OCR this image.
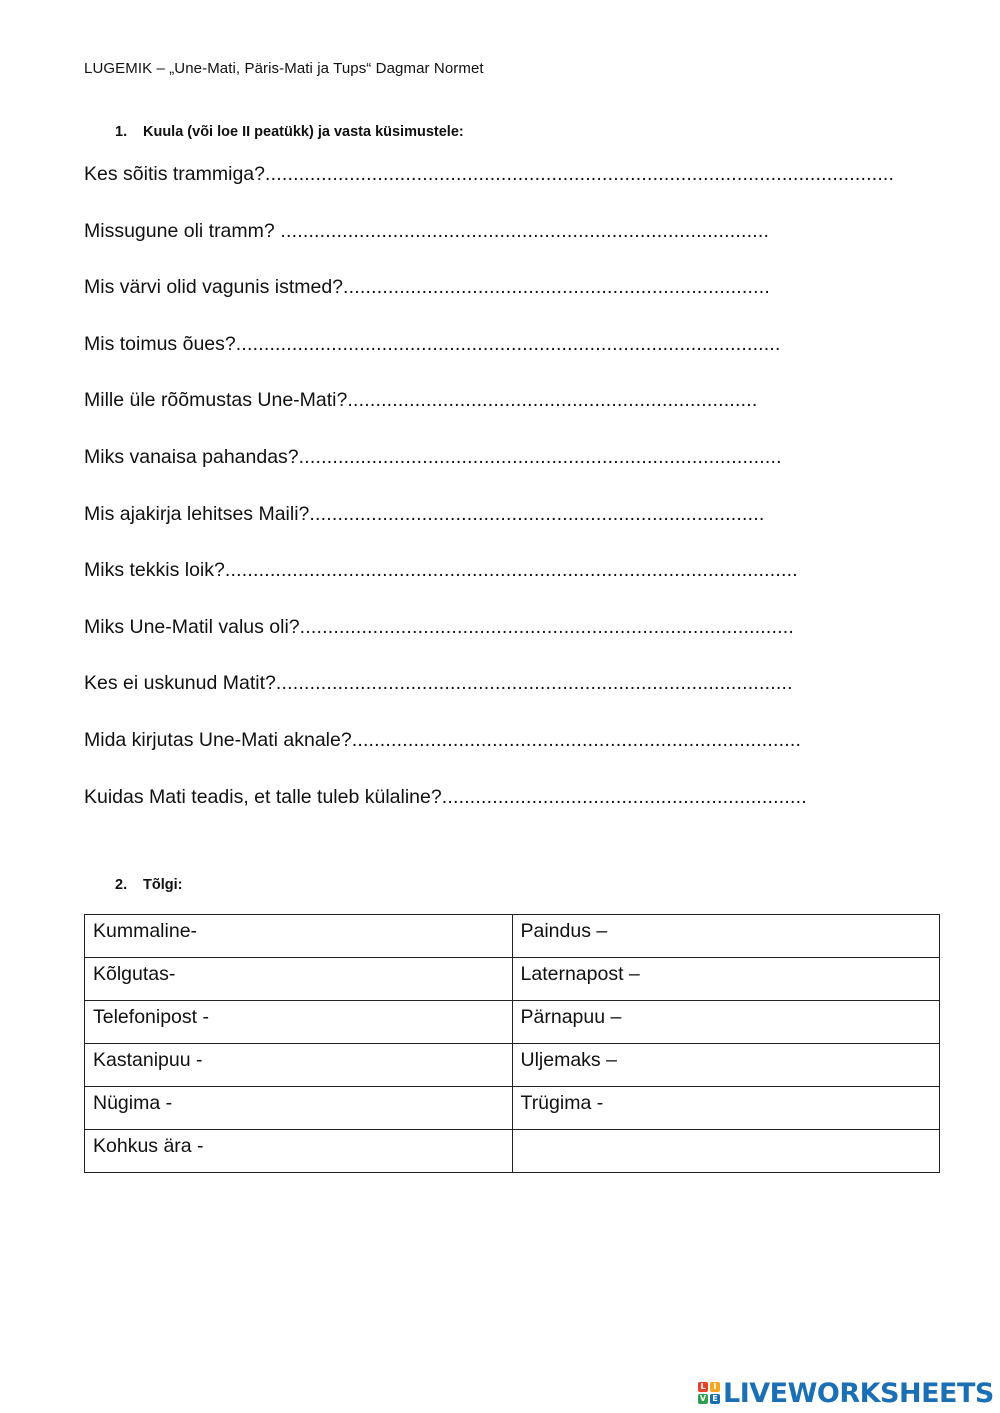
LUGEMIK – „Une-Mati, Päris-Mati ja Tups“ Dagmar Normet
1. Kuula (või loe II peatükk) ja vasta küsimustele:
Kes sõitis trammiga?................................................................................................................
Missugune oli tramm? .......................................................................................
Mis värvi olid vagunis istmed?............................................................................
Mis toimus õues?.................................................................................................
Mille üle rõõmustas Une-Mati?.........................................................................
Miks vanaisa pahandas?......................................................................................
Mis ajakirja lehitses Maili?.................................................................................
Miks tekkis loik?......................................................................................................
Miks Une-Matil valus oli?........................................................................................
Kes ei uskunud Matit?............................................................................................
Mida kirjutas Une-Mati aknale?................................................................................
Kuidas Mati teadis, et talle tuleb külaline?.................................................................
2. Tõlgi:
Kummaline-	Paindus –
Kõlgutas-	Laternapost –
Telefonipost -	Pärnapuu –
Kastanipuu -	Uljemaks –
Nügima -	Trügima -
Kohkus ära -	
L I
V E LIVEWORKSHEETS
